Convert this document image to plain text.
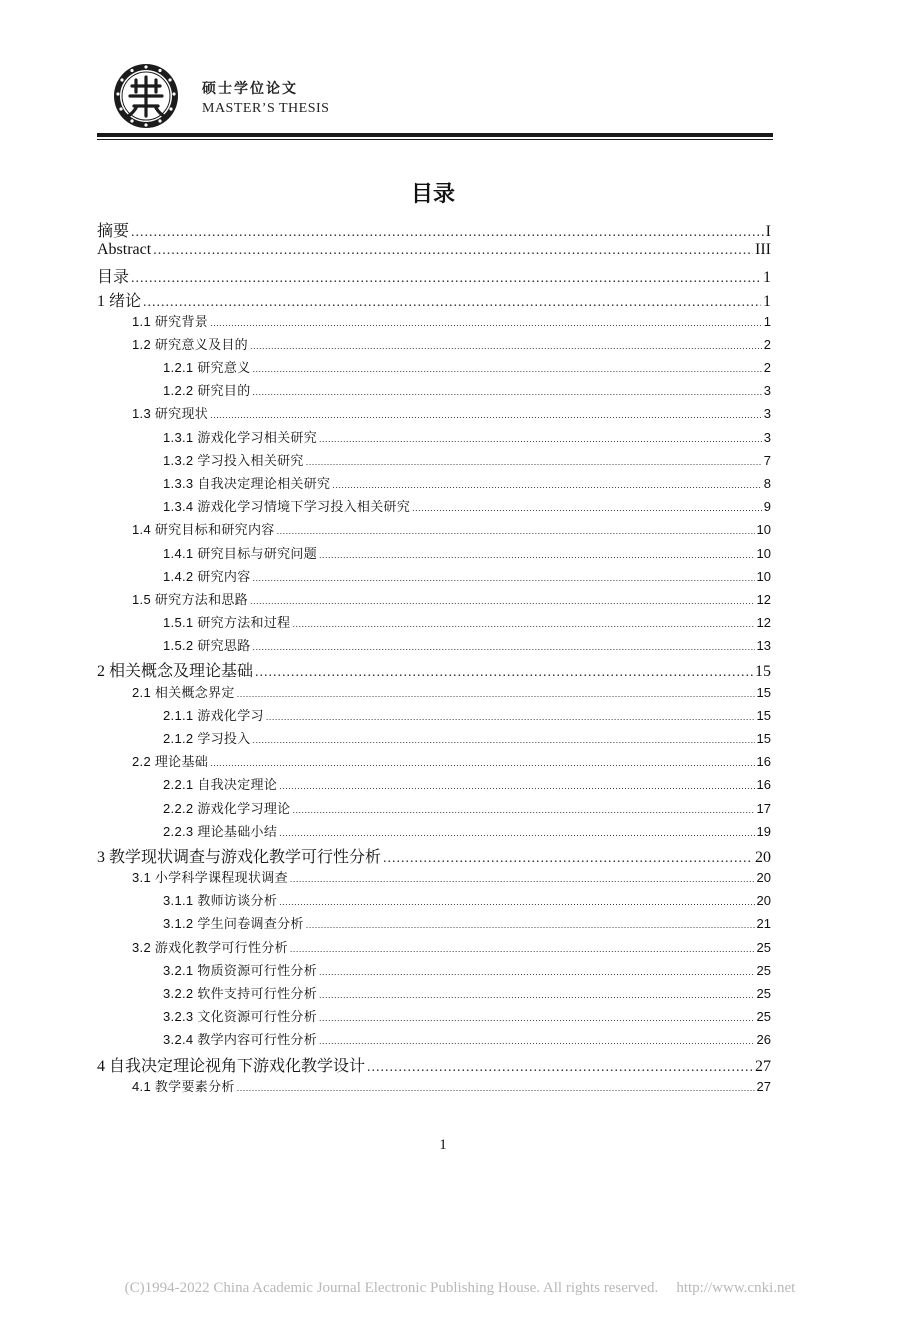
硕士学位论文
MASTER’S THESIS
目录
摘要 .....	I
Abstract .....	III
目录 .....	1
1 绪论 .....	1
1.1 研究背景 .....	1
1.2 研究意义及目的 .....	2
1.2.1 研究意义 .....	2
1.2.2 研究目的 .....	3
1.3 研究现状 .....	3
1.3.1 游戏化学习相关研究 .....	3
1.3.2 学习投入相关研究 .....	7
1.3.3 自我决定理论相关研究 .....	8
1.3.4 游戏化学习情境下学习投入相关研究 .....	9
1.4 研究目标和研究内容 .....	10
1.4.1 研究目标与研究问题 .....	10
1.4.2 研究内容 .....	10
1.5 研究方法和思路 .....	12
1.5.1 研究方法和过程 .....	12
1.5.2 研究思路 .....	13
2 相关概念及理论基础 .....	15
2.1 相关概念界定 .....	15
2.1.1 游戏化学习 .....	15
2.1.2 学习投入 .....	15
2.2 理论基础 .....	16
2.2.1 自我决定理论 .....	16
2.2.2 游戏化学习理论 .....	17
2.2.3 理论基础小结 .....	19
3 教学现状调查与游戏化教学可行性分析 .....	20
3.1 小学科学课程现状调查 .....	20
3.1.1 教师访谈分析 .....	20
3.1.2 学生问卷调查分析 .....	21
3.2 游戏化教学可行性分析 .....	25
3.2.1 物质资源可行性分析 .....	25
3.2.2 软件支持可行性分析 .....	25
3.2.3 文化资源可行性分析 .....	25
3.2.4 教学内容可行性分析 .....	26
4 自我决定理论视角下游戏化教学设计 .....	27
4.1 教学要素分析 .....	27
1
(C)1994-2022 China Academic Journal Electronic Publishing House. All rights reserved. http://www.cnki.net
